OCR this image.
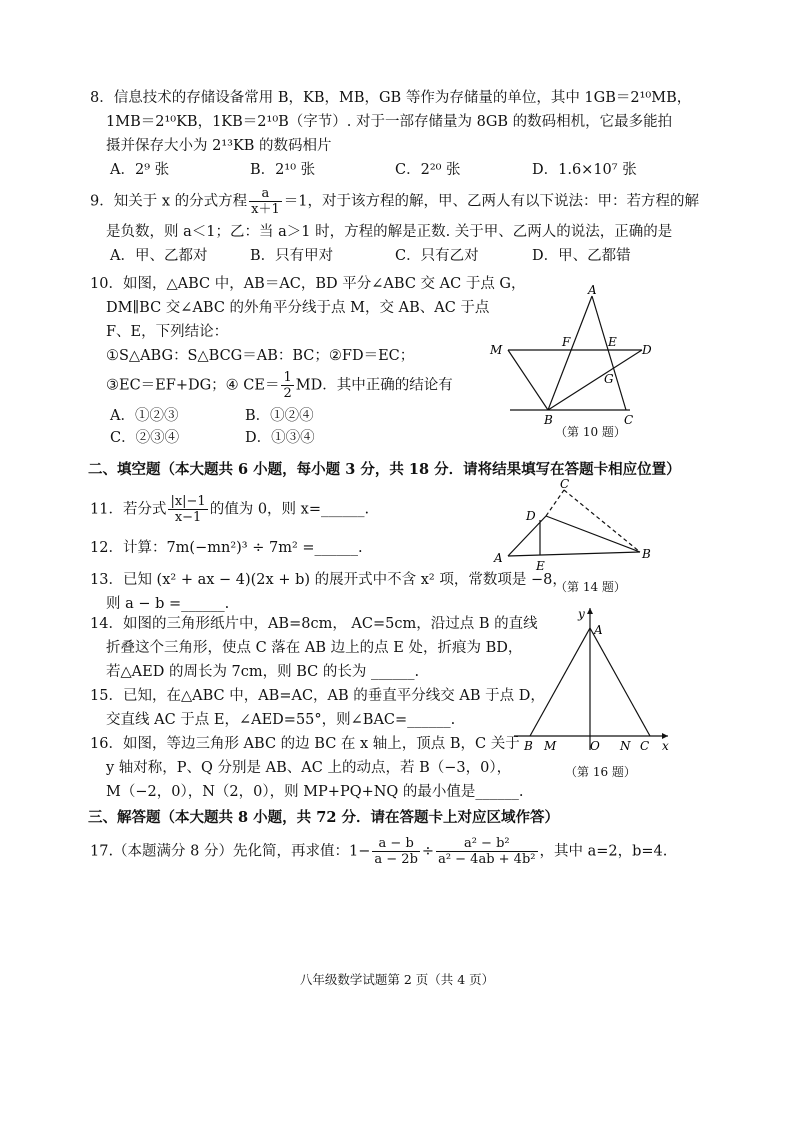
8．信息技术的存储设备常用 B，KB，MB，GB 等作为存储量的单位，其中 1GB＝2¹⁰MB，
1MB＝2¹⁰KB，1KB＝2¹⁰B（字节）. 对于一部存储量为 8GB 的数码相机，它最多能拍
摄并保存大小为 2¹³KB 的数码相片
A．2⁹ 张	B．2¹⁰ 张	C．2²⁰ 张	D．1.6×10⁷ 张
9．知关于 x 的分式方程 $\frac{a}{x+1} =1$，对于该方程的解，甲、乙两人有以下说法：甲：若方程的解
是负数，则 a＜1；乙：当 a＞1 时，方程的解是正数. 关于甲、乙两人的说法，正确的是
A．甲、乙都对	B．只有甲对	C．只有乙对	D．甲、乙都错
10．如图，△ABC 中，AB＝AC，BD 平分∠ABC 交 AC 于点 G，
DM∥BC 交∠ABC 的外角平分线于点 M，交 AB、AC 于点
F、E，下列结论：
①S△ABG：S△BCG＝AB：BC；②FD＝EC；
③EC＝EF+DG；④ $CE= \frac{1}{2}$ MD．其中正确的结论有
A．①②③	B．①②④
C．②③④	D．①③④
A
M
F	E
D
G
B	C
（第 10 题）
二、填空题（本大题共 6 小题，每小题 3 分，共 18 分．请将结果填写在答题卡相应位置）
11．若分式 $\frac{|x|-1}{x-1}$ 的值为 0，则 x=______.
12．计算：7m(−mn²)³ ÷ 7m² =______.
13．已知 (x² + ax − 4)(2x + b) 的展开式中不含 x² 项，常数项是 −8，
则 a − b =______.
C
D
A
E
B
（第 14 题）
14．如图的三角形纸片中，AB=8cm， AC=5cm，沿过点 B 的直线
折叠这个三角形，使点 C 落在 AB 边上的点 E 处，折痕为 BD，
若△AED 的周长为 7cm，则 BC 的长为 ______.
15．已知，在△ABC 中，AB=AC，AB 的垂直平分线交 AB 于点 D，
交直线 AC 于点 E，∠AED=55°，则∠BAC=______.
y
A
B M	O N C x
（第 16 题）
16．如图，等边三角形 ABC 的边 BC 在 x 轴上，顶点 B，C 关于
y 轴对称，P、Q 分别是 AB、AC 上的动点，若 B（−3，0），
M（−2，0），N（2，0），则 MP+PQ+NQ 的最小值是______.
三、解答题（本大题共 8 小题，共 72 分．请在答题卡上对应区域作答）
17.（本题满分 8 分）先化简，再求值：$1- \frac{a - b}{a - 2b} \div \frac{\text{a² − b²}}{\text{a² − 4ab + 4b²}}$ ，其中 a=2，b=4.
八年级数学试题第 2 页（共 4 页）
